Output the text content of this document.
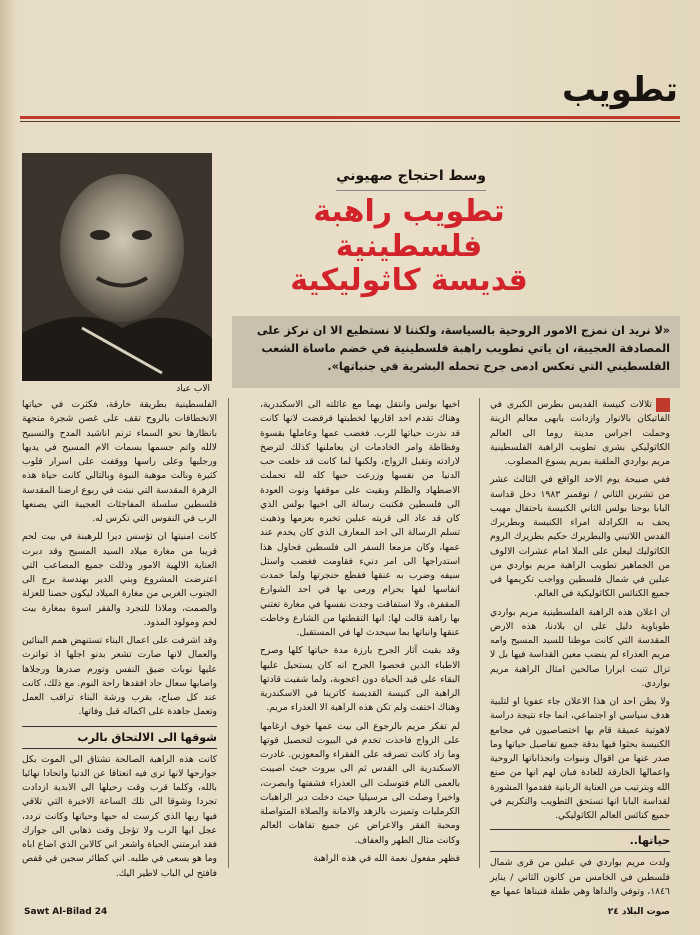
تطويب
الاب عياد
وسط احتجاج صهيوني
تطويب راهبة فلسطينية
قديسة كاثوليكية
«لا نريد ان نمزج الامور الروحية بالسياسة، ولكننا لا نستطيع الا ان نركز على المصادفة العجيبة، ان ياتي تطويب راهبة فلسطينية في خضم ماساة الشعب الفلسطيني التي تعكس ادمى جرح تحمله البشرية في جنباتها».

تلالات كنيسة القديس بطرس الكبرى في الفاتيكان بالانوار وازدانت بابهى معالم الزينة وحملت اجراس مدينة روما الى العالم الكاثوليكي بشرى تطويب الراهبة الفلسطينية مريم بواردي الملقبة بمريم يسوع المصلوب.

ففي صبيحة يوم الاحد الواقع في الثالث عشر من تشرين الثاني / نوفمبر ١٩٨٣ دخل قداسة البابا يوحنا بولس الثاني الكنيسة باحتفال مهيب يحف به الكرادلة امراء الكنيسة وبطريرك القدس اللاتيني والبطريرك حكيم بطريرك الروم الكاثوليك ليعلن على الملا امام عشرات الالوف من الجماهير تطويب الراهبة مريم بواردي من عبلين في شمال فلسطين وواجب تكريمها في جميع الكنائس الكاثوليكية في العالم.

ان اعلان هذه الراهبة الفلسطينية مريم بواردي طوباوية دليل على ان بلادنا، هذه الارض المقدسة التي كانت موطنا للسيد المسيح وامه مريم العذراء لم ينضب معين القداسة فيها بل لا تزال تنبت ابرارا صالحين امثال الراهبة مريم بواردي.

ولا يظن احد ان هذا الاعلان جاء عفويا او لتلبية هدف سياسي او اجتماعي، انما جاء نتيجة دراسة لاهوتية عميقة قام بها اختصاصيون في مجامع الكنيسة بحثوا فيها بدقة جميع تفاصيل حياتها وما صدر عنها من اقوال ونبوات وانجذاباتها الروحية واعمالها الخارقة للعادة فبان لهم انها من صنع الله وبترتيب من العناية الربانية فقدموا المشورة لقداسة البابا انها تستحق التطويب والتكريم في جميع كنائس العالم الكاثوليكي.

حياتها..

ولدت مريم بواردي في عبلين من قرى شمال فلسطين في الخامس من كانون الثاني / يناير ١٨٤٦، وتوفي والداها وهي طفلة فتبناها عمها مع

اخيها بولس وانتقل بهما مع عائلته الى الاسكندرية، وهناك تقدم احد اقاربها لخطبتها فرفضت لانها كانت قد نذرت حياتها للرب. فغضب عمها وعاملها بقسوة وفظاظة وامر الخادمات ان يعاملنها كذلك لترضخ لارادته وتقبل الزواج، ولكنها لما كانت قد خلعت حب الدنيا من نفسها وزرعت حبها كله لله تحملت الاضطهاد والظلم وبقيت على موقفها ونوت العودة الى فلسطين فكتبت رسالة الى اخيها بولس الذي كان قد عاد الى قريته عبلين تخبره بعزمها وذهبت تسلم الرسالة الى احد المعارف الذي كان يخدم عند عمها، وكان مزمعا السفر الى فلسطين فحاول هذا استدراجها الى امر دنيء فقاومت فغضب واستل سيفه وضرب به عنقها فقطع حنجرتها ولما خمدت انفاسها لفها بحرام ورمى بها في احد الشوارع المقفرة، ولا استفاقت وجدت نفسها في مغارة تعتني بها راهبة قالت لها: انها التقطتها من الشارع وخاطت عنقها وانباتها بما سيحدث لها في المستقبل.

وقد بقيت آثار الجرح بارزة مدة حياتها كلها وصرح الاطباء الذين فحصوا الجرح انه كان يستحيل عليها البقاء على قيد الحياة دون اعجوبة، ولما شفيت قادتها الراهبة الى كنيسة القديسة كاترينا في الاسكندرية وهناك اختفت ولم تكن هذه الراهبة الا العذراء مريم.

لم تفكر مريم بالرجوع الى بيت عمها خوف ارغامها على الزواج فاخذت تخدم في البيوت لتحصيل قوتها وما زاد كانت تصرفه على الفقراء والمعوزين. غادرت الاسكندرية الى القدس ثم الى بيروت حيث اصيبت بالعمى التام فتوسلت الى العذراء فشفتها وابصرت، واخيرا وصلت الى مرسيليا حيث دخلت دير الراهبات الكرمليات وتميزت بالزهد والامانة والصلاة المتواصلة ومحبة الفقر والاعراض عن جميع تفاهات العالم وكانت مثال الطهر والعفاف.

فظهر مفعول نعمة الله في هذه الراهبة

الفلسطينية بطريقة خارقة، فكثرت في حياتها الانخطافات بالروح تقف على غصن شجرة متجهة بانظارها نحو السماء ترنم اناشيد المدح والتسبيح لالله واتم جسمها بسمات الام المسيح في يديها ورجليها وعلى راسها ووقفت على اسرار قلوب كثيرة ونالت موهبة النبوة وبالتالي كانت حياة هذه الزهرة المقدسة التي نبتت في ربوع ارضنا المقدسة فلسطين سلسلة المفاجئات العجيبة التي يصنعها الرب في النفوس التي تكرس له.

كانت امنيتها ان تؤسس ديرا للرهبنة في بيت لحم قريبا من مغارة ميلاد السيد المسيح وقد دبرت العناية الالهية الامور وذللت جميع المصاعب التي اعترضت المشروع وبني الدير بهندسة برج الى الجنوب الغربي من مغارة الميلاد ليكون حصنا للعزلة والصمت، وملاذا للتجرد والفقر اسوة بمغارة بيت لحم ومولود المذود.

وقد اشرفت على اعمال البناء تستنهض همم البنائين والعمال لانها صارت تشعر بدنو اجلها اذ تواترت عليها نوبات ضيق النفس وتورم صدرها ورجلاها واصابها سعال حاد افقدها راحة النوم. مع ذلك، كانت عند كل صباح، بقرب ورشة البناء تراقب العمل وتعمل جاهدة على اكماله قبل وفاتها.

شوقها الى الالتحاق بالرب

كانت هذه الراهبة الصالحة تشتاق الى الموت بكل جوارحها لانها ترى فيه انعتاقا عن الدنيا واتحادا نهائيا بالله، وكلما قرب وقت رحيلها الى الابدية ازدادت تجردا وشوقا الى تلك الساعة الاخيرة التي تلاقي فيها ربها الذي كرست له حبها وحياتها وكانت تردد، عجل ايها الرب ولا تؤجل وقت ذهابي الى جوارك فقد ابرمتني الحياة واشعر اني كالابن الذي اضاع اباه وما هو يسعى في طلبه. اني كطائر سجين في قفص فافتح لي الباب لاطير اليك.

Sawt Al-Bilad 24	صوت البلاد ٢٤
